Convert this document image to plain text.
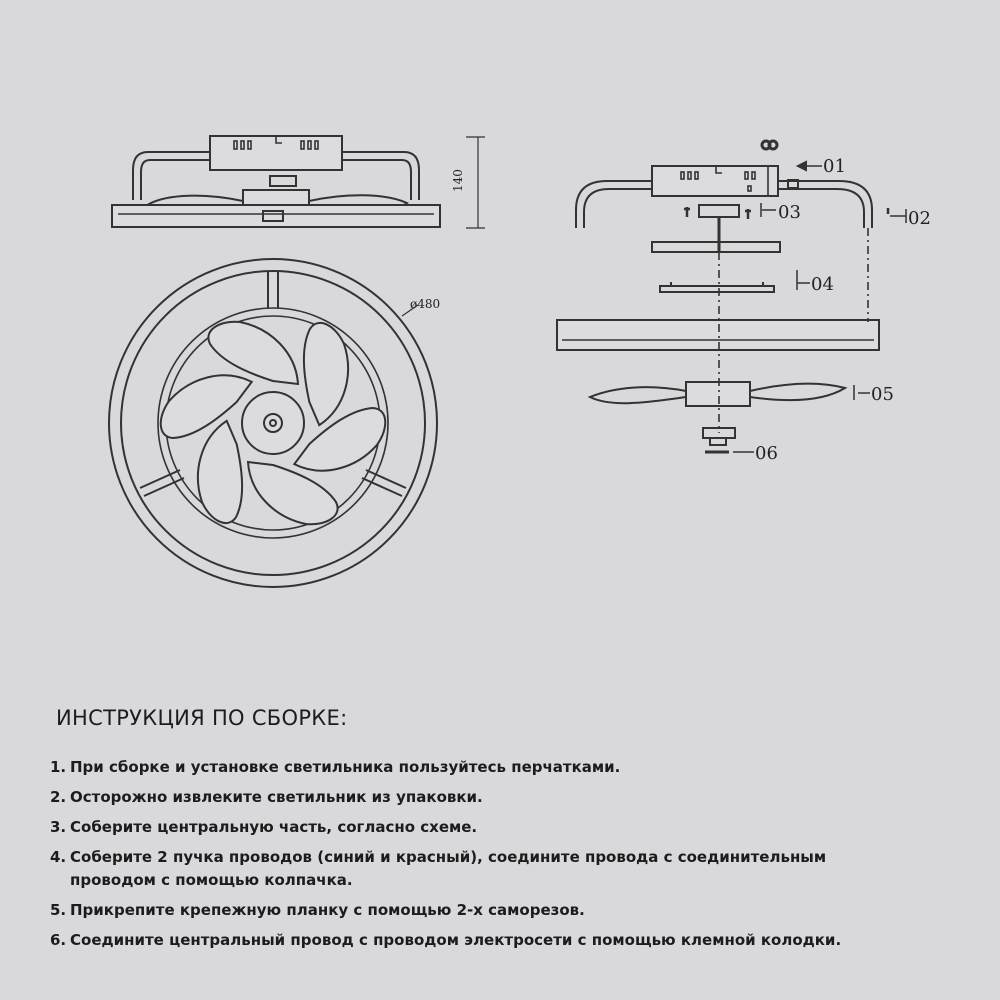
140
ø480
01
02
03
04
05
06
ИНСТРУКЦИЯ ПО СБОРКЕ:
1. При сборке и установке светильника пользуйтесь перчатками.
2. Осторожно извлеките светильник из упаковки.
3. Соберите центральную часть, согласно схеме.
4. Соберите 2 пучка проводов (синий и красный), соедините провода с соединительным
проводом с помощью колпачка.
5. Прикрепите крепежную планку с помощью 2-х саморезов.
6. Соедините центральный провод с проводом электросети с помощью клемной колодки.
